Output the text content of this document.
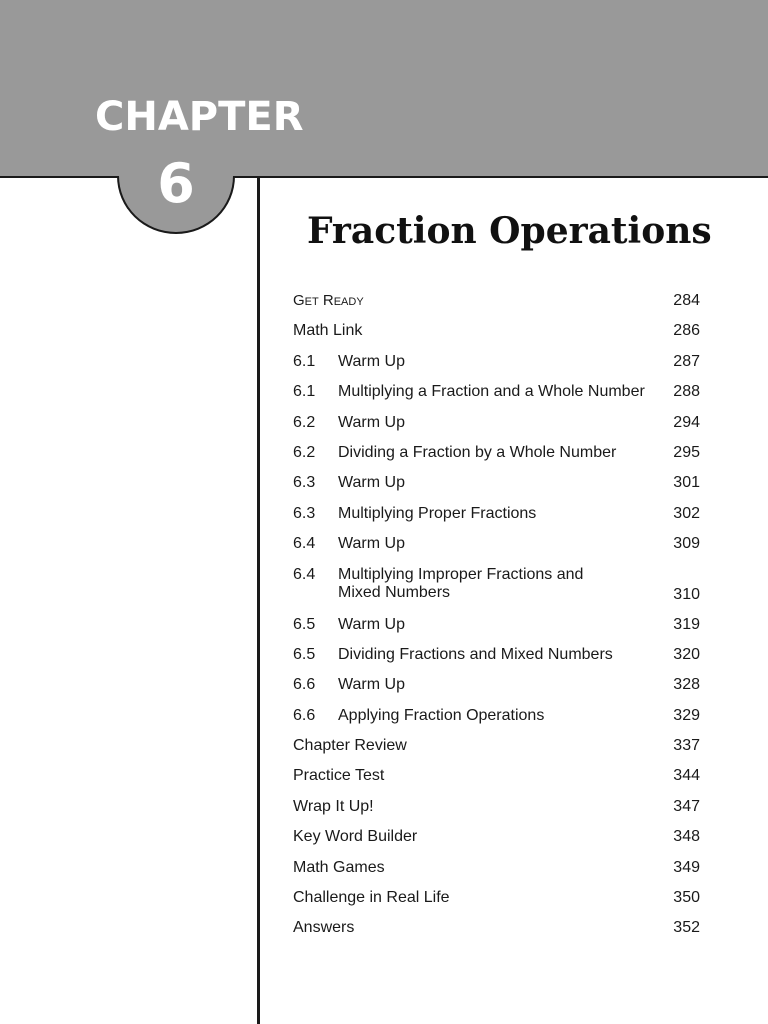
CHAPTER
6
Fraction Operations
Get Ready	284
Math Link	286
6.1 Warm Up	287
6.1 Multiplying a Fraction and a Whole Number 288
6.2 Warm Up	294
6.2 Dividing a Fraction by a Whole Number	295
6.3 Warm Up	301
6.3 Multiplying Proper Fractions	302
6.4 Warm Up	309
6.4 Multiplying Improper Fractions and
Mixed Numbers	310
6.5 Warm Up	319
6.5 Dividing Fractions and Mixed Numbers	320
6.6 Warm Up	328
6.6 Applying Fraction Operations	329
Chapter Review	337
Practice Test	344
Wrap It Up!	347
Key Word Builder	348
Math Games	349
Challenge in Real Life	350
Answers	352
